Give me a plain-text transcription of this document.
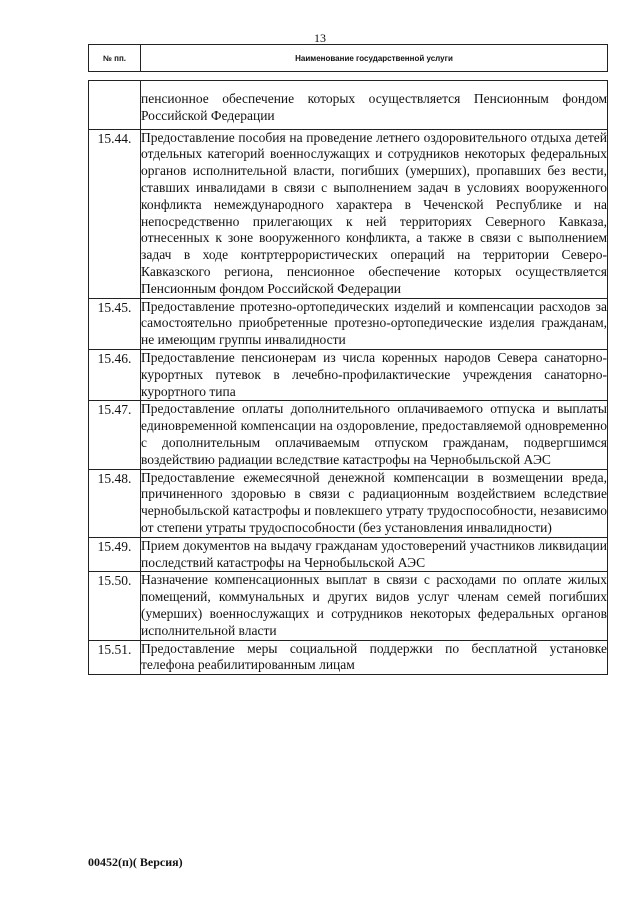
13
№ пп.	Наименование государственной услуги
	пенсионное обеспечение которых осуществляется Пенсионным фондом Российской Федерации
15.44.	Предоставление пособия на проведение летнего оздоровительного отдыха детей отдельных категорий военнослужащих и сотрудников некоторых федеральных органов исполнительной власти, погибших (умерших), пропавших без вести, ставших инвалидами в связи с выполнением задач в условиях вооруженного конфликта немеждународного характера в Чеченской Республике и на непосредственно прилегающих к ней территориях Северного Кавказа, отнесенных к зоне вооруженного конфликта, а также в связи с выполнением задач в ходе контртеррористических операций на территории Северо-Кавказского региона, пенсионное обеспечение которых осуществляется Пенсионным фондом Российской Федерации
15.45.	Предоставление протезно-ортопедических изделий и компенсации расходов за самостоятельно приобретенные протезно-ортопедические изделия гражданам, не имеющим группы инвалидности
15.46.	Предоставление пенсионерам из числа коренных народов Севера санаторно-курортных путевок в лечебно-профилактические учреждения санаторно-курортного типа
15.47.	Предоставление оплаты дополнительного оплачиваемого отпуска и выплаты единовременной компенсации на оздоровление, предоставляемой одновременно с дополнительным оплачиваемым отпуском гражданам, подвергшимся воздействию радиации вследствие катастрофы на Чернобыльской АЭС
15.48.	Предоставление ежемесячной денежной компенсации в возмещении вреда, причиненного здоровью в связи с радиационным воздействием вследствие чернобыльской катастрофы и повлекшего утрату трудоспособности, независимо от степени утраты трудоспособности (без установления инвалидности)
15.49.	Прием документов на выдачу гражданам удостоверений участников ликвидации последствий катастрофы на Чернобыльской АЭС
15.50.	Назначение компенсационных выплат в связи с расходами по оплате жилых помещений, коммунальных и других видов услуг членам семей погибших (умерших) военнослужащих и сотрудников некоторых федеральных органов исполнительной власти
15.51.	Предоставление меры социальной поддержки по бесплатной установке телефона реабилитированным лицам
00452(п)( Версия)
